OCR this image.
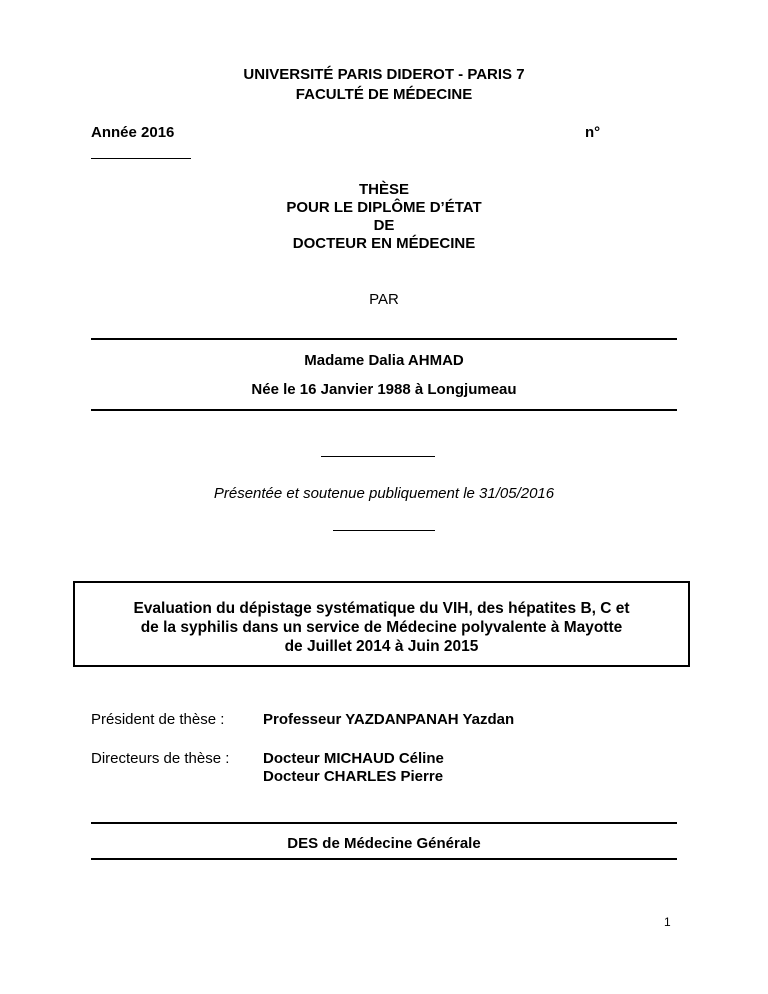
UNIVERSITÉ PARIS DIDEROT - PARIS 7
FACULTÉ DE MÉDECINE
Année 2016	n°
THÈSE
POUR LE DIPLÔME D’ÉTAT
DE
DOCTEUR EN MÉDECINE
PAR
Madame Dalia AHMAD
Née le 16 Janvier 1988 à Longjumeau
Présentée et soutenue publiquement le 31/05/2016
Evaluation du dépistage systématique du VIH, des hépatites B, C et
de la syphilis dans un service de Médecine polyvalente à Mayotte
de Juillet 2014 à Juin 2015
Président de thèse :	Professeur YAZDANPANAH Yazdan
Directeurs de thèse : Docteur MICHAUD Céline
Docteur CHARLES Pierre
DES de Médecine Générale
1
